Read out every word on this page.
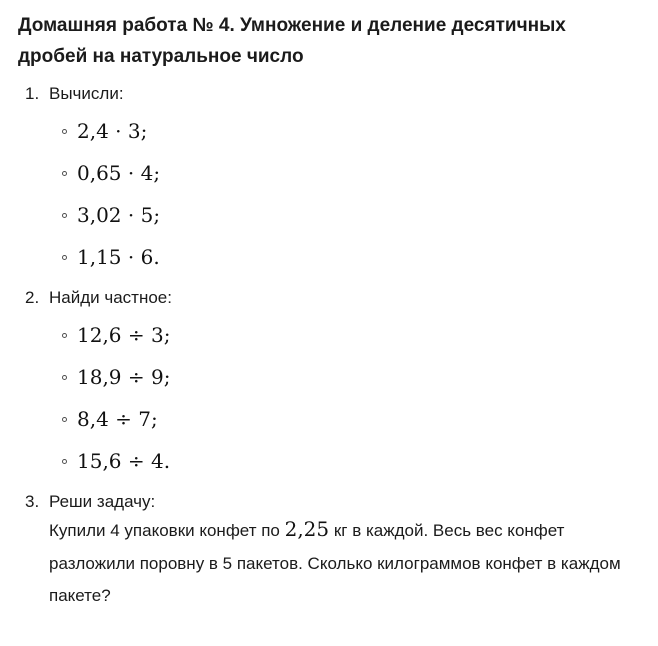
Домашняя работа № 4. Умножение и деление десятичных дробей на натуральное число
1. Вычисли:
2,4 · 3;
0,65 · 4;
3,02 · 5;
1,15 · 6.
2. Найди частное:
12,6 ÷ 3;
18,9 ÷ 9;
8,4 ÷ 7;
15,6 ÷ 4.
3. Реши задачу:

Купили 4 упаковки конфет по 2,25 кг в каждой. Весь вес конфет разложили поровну в 5 пакетов. Сколько килограммов конфет в каждом пакете?
